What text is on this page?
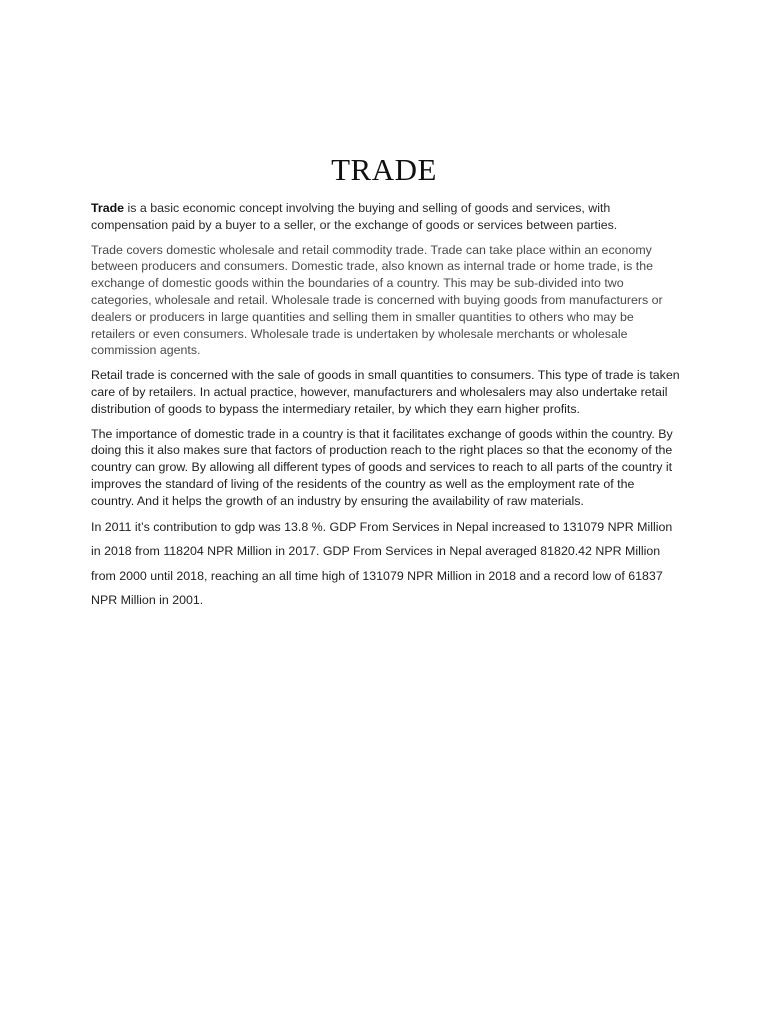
TRADE

Trade is a basic economic concept involving the buying and selling of goods and services, with compensation paid by a buyer to a seller, or the exchange of goods or services between parties.

Trade covers domestic wholesale and retail commodity trade. Trade can take place within an economy between producers and consumers. Domestic trade, also known as internal trade or home trade, is the exchange of domestic goods within the boundaries of a country. This may be sub-divided into two categories, wholesale and retail. Wholesale trade is concerned with buying goods from manufacturers or dealers or producers in large quantities and selling them in smaller quantities to others who may be retailers or even consumers. Wholesale trade is undertaken by wholesale merchants or wholesale commission agents.

Retail trade is concerned with the sale of goods in small quantities to consumers. This type of trade is taken care of by retailers. In actual practice, however, manufacturers and wholesalers may also undertake retail distribution of goods to bypass the intermediary retailer, by which they earn higher profits.

The importance of domestic trade in a country is that it facilitates exchange of goods within the country. By doing this it also makes sure that factors of production reach to the right places so that the economy of the country can grow. By allowing all different types of goods and services to reach to all parts of the country it improves the standard of living of the residents of the country as well as the employment rate of the country. And it helps the growth of an industry by ensuring the availability of raw materials.

In 2011 it’s contribution to gdp was 13.8 %. GDP From Services in Nepal increased to 131079 NPR Million in 2018 from 118204 NPR Million in 2017. GDP From Services in Nepal averaged 81820.42 NPR Million from 2000 until 2018, reaching an all time high of 131079 NPR Million in 2018 and a record low of 61837 NPR Million in 2001.
